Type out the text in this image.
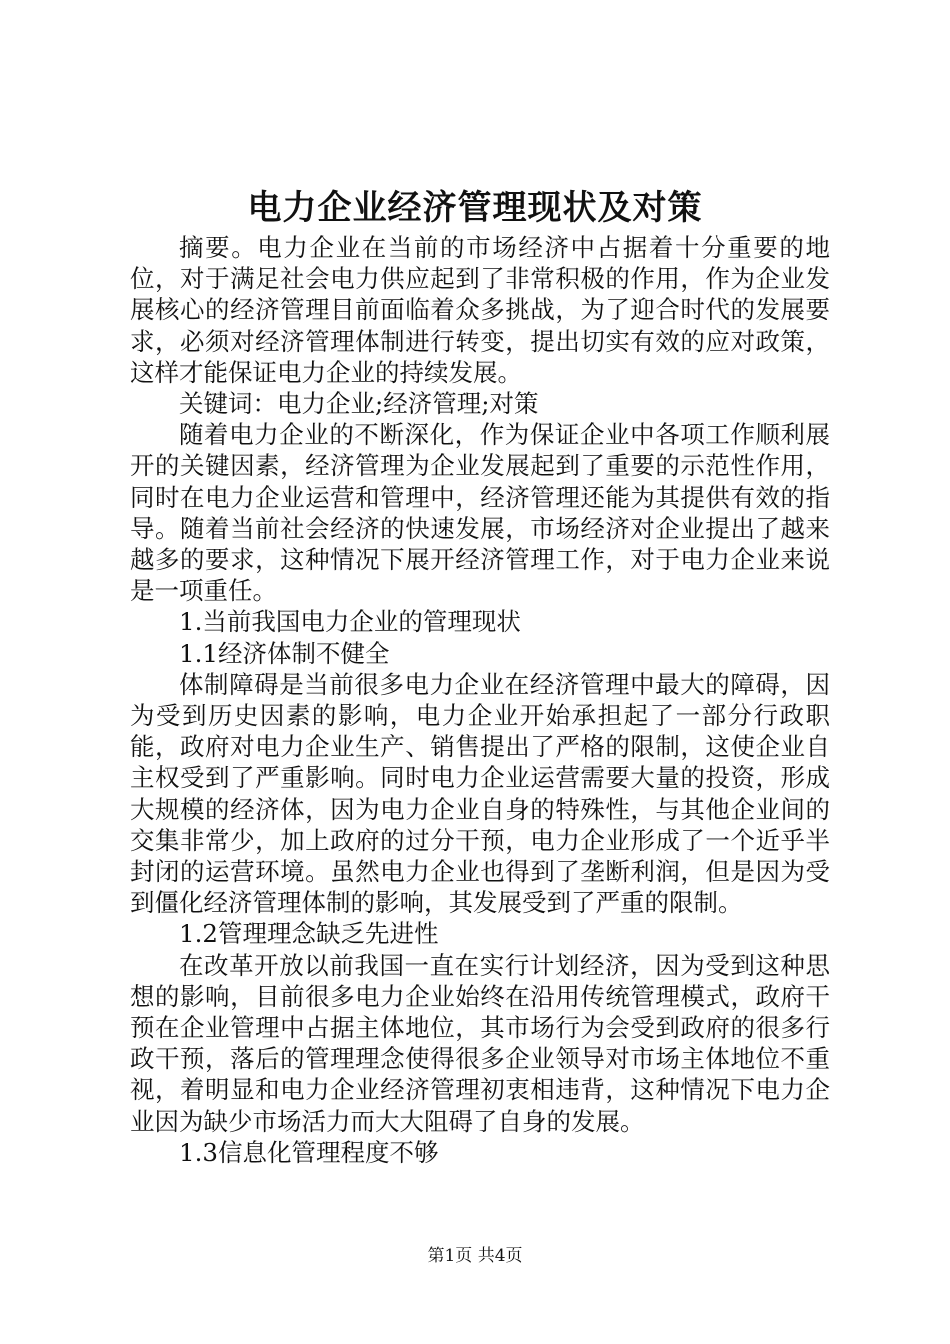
电力企业经济管理现状及对策

摘要。电力企业在当前的市场经济中占据着十分重要的地位，对于满足社会电力供应起到了非常积极的作用，作为企业发展核心的经济管理目前面临着众多挑战，为了迎合时代的发展要求，必须对经济管理体制进行转变，提出切实有效的应对政策，这样才能保证电力企业的持续发展。

关键词：电力企业;经济管理;对策

随着电力企业的不断深化，作为保证企业中各项工作顺利展开的关键因素，经济管理为企业发展起到了重要的示范性作用，同时在电力企业运营和管理中，经济管理还能为其提供有效的指导。随着当前社会经济的快速发展，市场经济对企业提出了越来越多的要求，这种情况下展开经济管理工作，对于电力企业来说是一项重任。

1.当前我国电力企业的管理现状

1.1经济体制不健全

体制障碍是当前很多电力企业在经济管理中最大的障碍，因为受到历史因素的影响，电力企业开始承担起了一部分行政职能，政府对电力企业生产、销售提出了严格的限制，这使企业自主权受到了严重影响。同时电力企业运营需要大量的投资，形成大规模的经济体，因为电力企业自身的特殊性，与其他企业间的交集非常少，加上政府的过分干预，电力企业形成了一个近乎半封闭的运营环境。虽然电力企业也得到了垄断利润，但是因为受到僵化经济管理体制的影响，其发展受到了严重的限制。

1.2管理理念缺乏先进性

在改革开放以前我国一直在实行计划经济，因为受到这种思想的影响，目前很多电力企业始终在沿用传统管理模式，政府干预在企业管理中占据主体地位，其市场行为会受到政府的很多行政干预，落后的管理理念使得很多企业领导对市场主体地位不重视，着明显和电力企业经济管理初衷相违背，这种情况下电力企业因为缺少市场活力而大大阻碍了自身的发展。

1.3信息化管理程度不够

第1页 共4页
